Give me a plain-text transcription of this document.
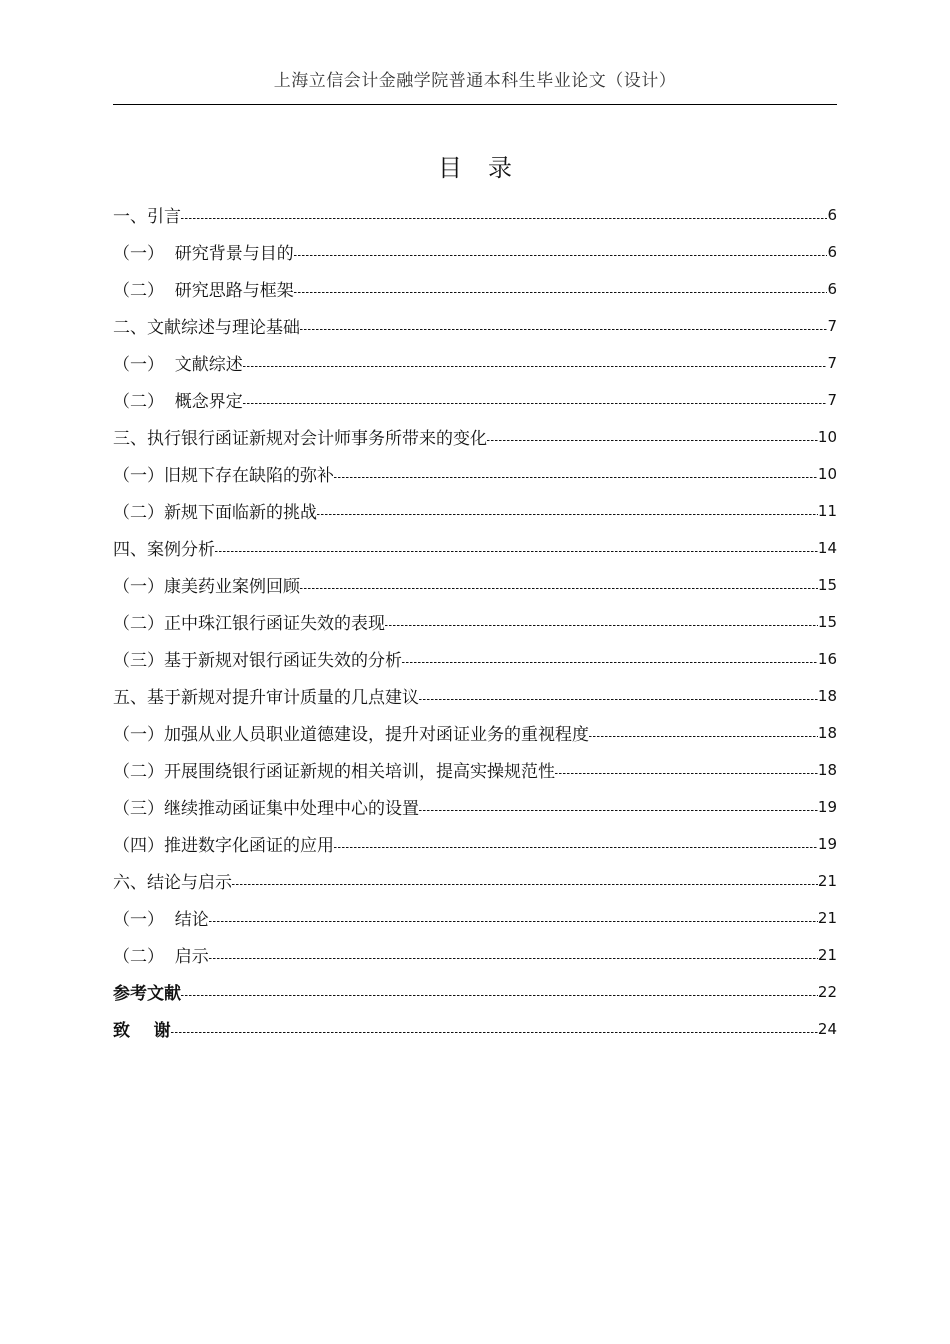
上海立信会计金融学院普通本科生毕业论文（设计）
目录
一、引言	6
（一）  研究背景与目的	6
（二）  研究思路与框架	6
二、文献综述与理论基础	7
（一）  文献综述	7
（二）  概念界定	7
三、执行银行函证新规对会计师事务所带来的变化	10
（一）旧规下存在缺陷的弥补	10
（二）新规下面临新的挑战	11
四、案例分析	14
（一）康美药业案例回顾	15
（二）正中珠江银行函证失效的表现	15
（三）基于新规对银行函证失效的分析	16
五、基于新规对提升审计质量的几点建议	18
（一）加强从业人员职业道德建设，提升对函证业务的重视程度	18
（二）开展围绕银行函证新规的相关培训，提高实操规范性	18
（三）继续推动函证集中处理中心的设置	19
（四）推进数字化函证的应用	19
六、结论与启示	21
（一）  结论	21
（二）  启示	21
参考文献	22
致    谢	24
